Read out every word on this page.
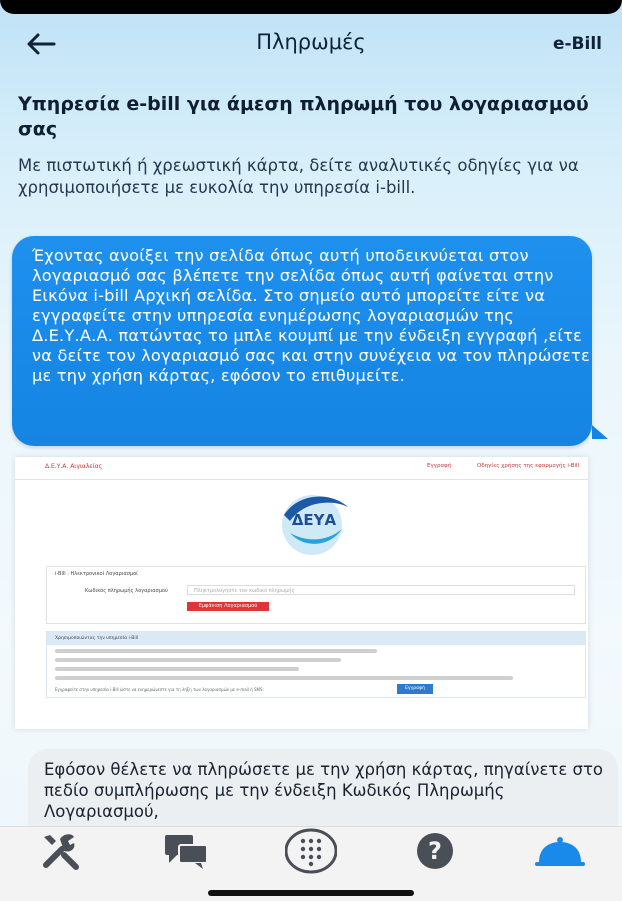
Πληρωμές	e-Bill
Υπηρεσία e-bill για άμεση πληρωμή του λογαριασμού σας
Με πιστωτική ή χρεωστική κάρτα, δείτε αναλυτικές οδηγίες για να χρησιμοποιήσετε με ευκολία την υπηρεσία i-bill.
Έχοντας ανοίξει την σελίδα όπως αυτή υποδεικνύεται στον λογαριασμό σας βλέπετε την σελίδα όπως αυτή φαίνεται στην Εικόνα i-bill Αρχική σελίδα. Στο σημείο αυτό μπορείτε είτε να εγγραφείτε στην υπηρεσία ενημέρωσης λογαριασμών της Δ.Ε.Υ.Α.Α. πατώντας το μπλε κουμπί με την ένδειξη εγγραφή ,είτε να δείτε τον λογαριασμό σας και στην συνέχεια να τον πληρώσετε με την χρήση κάρτας, εφόσον το επιθυμείτε.
Δ.Ε.Υ.Α. Αιγιαλείας	Εγγραφή	Οδηγίες χρήσης της εφαρμογής i-Bill
ΔΕΥΑ
i-Bill : Ηλεκτρονικοί Λογαριασμοί
Κωδικός πληρωμής λογαριασμού	Πληκτρολογήστε τον κωδικό πληρωμής
Εμφάνιση Λογαριασμού
Χρησιμοποιώντας την υπηρεσία i-Bill
Εγγραφείτε στην υπηρεσία i-Bill ώστε να ενημερώνεστε για τη λήξη των λογαριασμών με e-mail ή SMS:	Εγγραφή
Εφόσον θέλετε να πληρώσετε με την χρήση κάρτας, πηγαίνετε στο πεδίο συμπλήρωσης με την ένδειξη Κωδικός Πληρωμής Λογαριασμού,
?
